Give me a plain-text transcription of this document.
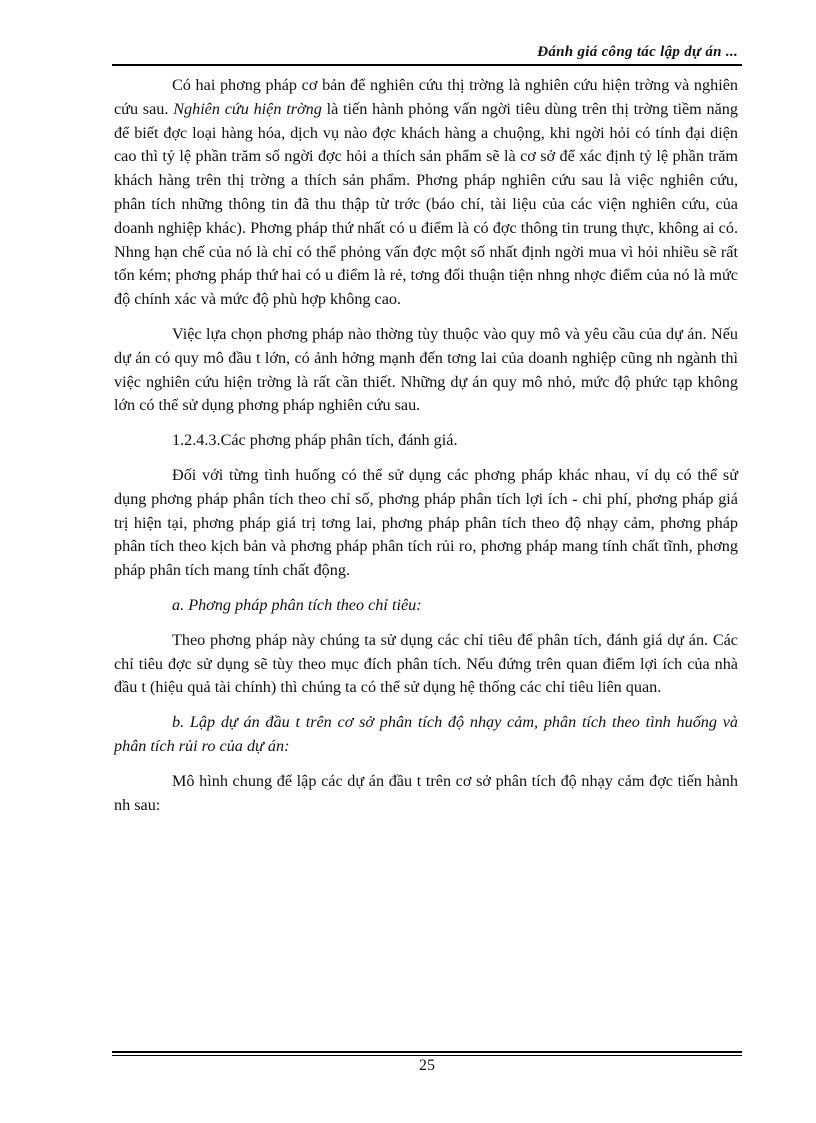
Đánh giá công tác lập dự án ...

Có hai phơng pháp cơ bản để nghiên cứu thị trờng là nghiên cứu hiện trờng và nghiên cứu sau. Nghiên cứu hiện trờng là tiến hành phỏng vấn ngời tiêu dùng trên thị trờng tiềm năng để biết đợc loại hàng hóa, dịch vụ nào đợc khách hàng a chuộng, khi ngời hỏi có tính đại diện cao thì tỷ lệ phần trăm số ngời đợc hỏi a thích sản phẩm sẽ là cơ sở để xác định tỷ lệ phần trăm khách hàng trên thị trờng a thích sản phẩm. Phơng pháp nghiên cứu sau là việc nghiên cứu, phân tích những thông tin đã thu thập từ trớc (báo chí, tài liệu của các viện nghiên cứu, của doanh nghiệp khác). Phơng pháp thứ nhất có u điểm là có đợc thông tin trung thực, không ai có. Nhng hạn chế của nó là chỉ có thể phỏng vấn đợc một số nhất định ngời mua vì hỏi nhiều sẽ rất tốn kém; phơng pháp thứ hai có u điểm là rẻ, tơng đối thuận tiện nhng nhợc điểm của nó là mức độ chính xác và mức độ phù hợp không cao.

Việc lựa chọn phơng pháp nào thờng tùy thuộc vào quy mô và yêu cầu của dự án. Nếu dự án có quy mô đầu t lớn, có ảnh hởng mạnh đến tơng lai của doanh nghiệp cũng nh ngành thì việc nghiên cứu hiện trờng là rất cần thiết. Những dự án quy mô nhỏ, mức độ phức tạp không lớn có thể sử dụng phơng pháp nghiên cứu sau.

1.2.4.3.Các phơng pháp phân tích, đánh giá.

Đối với từng tình huống có thể sử dụng các phơng pháp khác nhau, ví dụ có thể sử dụng phơng pháp phân tích theo chỉ số, phơng pháp phân tích lợi ích - chi phí, phơng pháp giá trị hiện tại, phơng pháp giá trị tơng lai, phơng pháp phân tích theo độ nhạy cảm, phơng pháp phân tích theo kịch bản và phơng pháp phân tích rủi ro, phơng pháp mang tính chất tĩnh, phơng pháp phân tích mang tính chất động.

a. Phơng pháp phân tích theo chỉ tiêu:

Theo phơng pháp này chúng ta sử dụng các chỉ tiêu để phân tích, đánh giá dự án. Các chỉ tiêu đợc sử dụng sẽ tùy theo mục đích phân tích. Nếu đứng trên quan điểm lợi ích của nhà đầu t (hiệu quả tài chính) thì chúng ta có thể sử dụng hệ thống các chỉ tiêu liên quan.

b. Lập dự án đầu t trên cơ sở phân tích độ nhạy cảm, phân tích theo tình huống và phân tích rủi ro của dự án:

Mô hình chung để lập các dự án đầu t trên cơ sở phân tích độ nhạy cảm đợc tiến hành nh sau:

25
